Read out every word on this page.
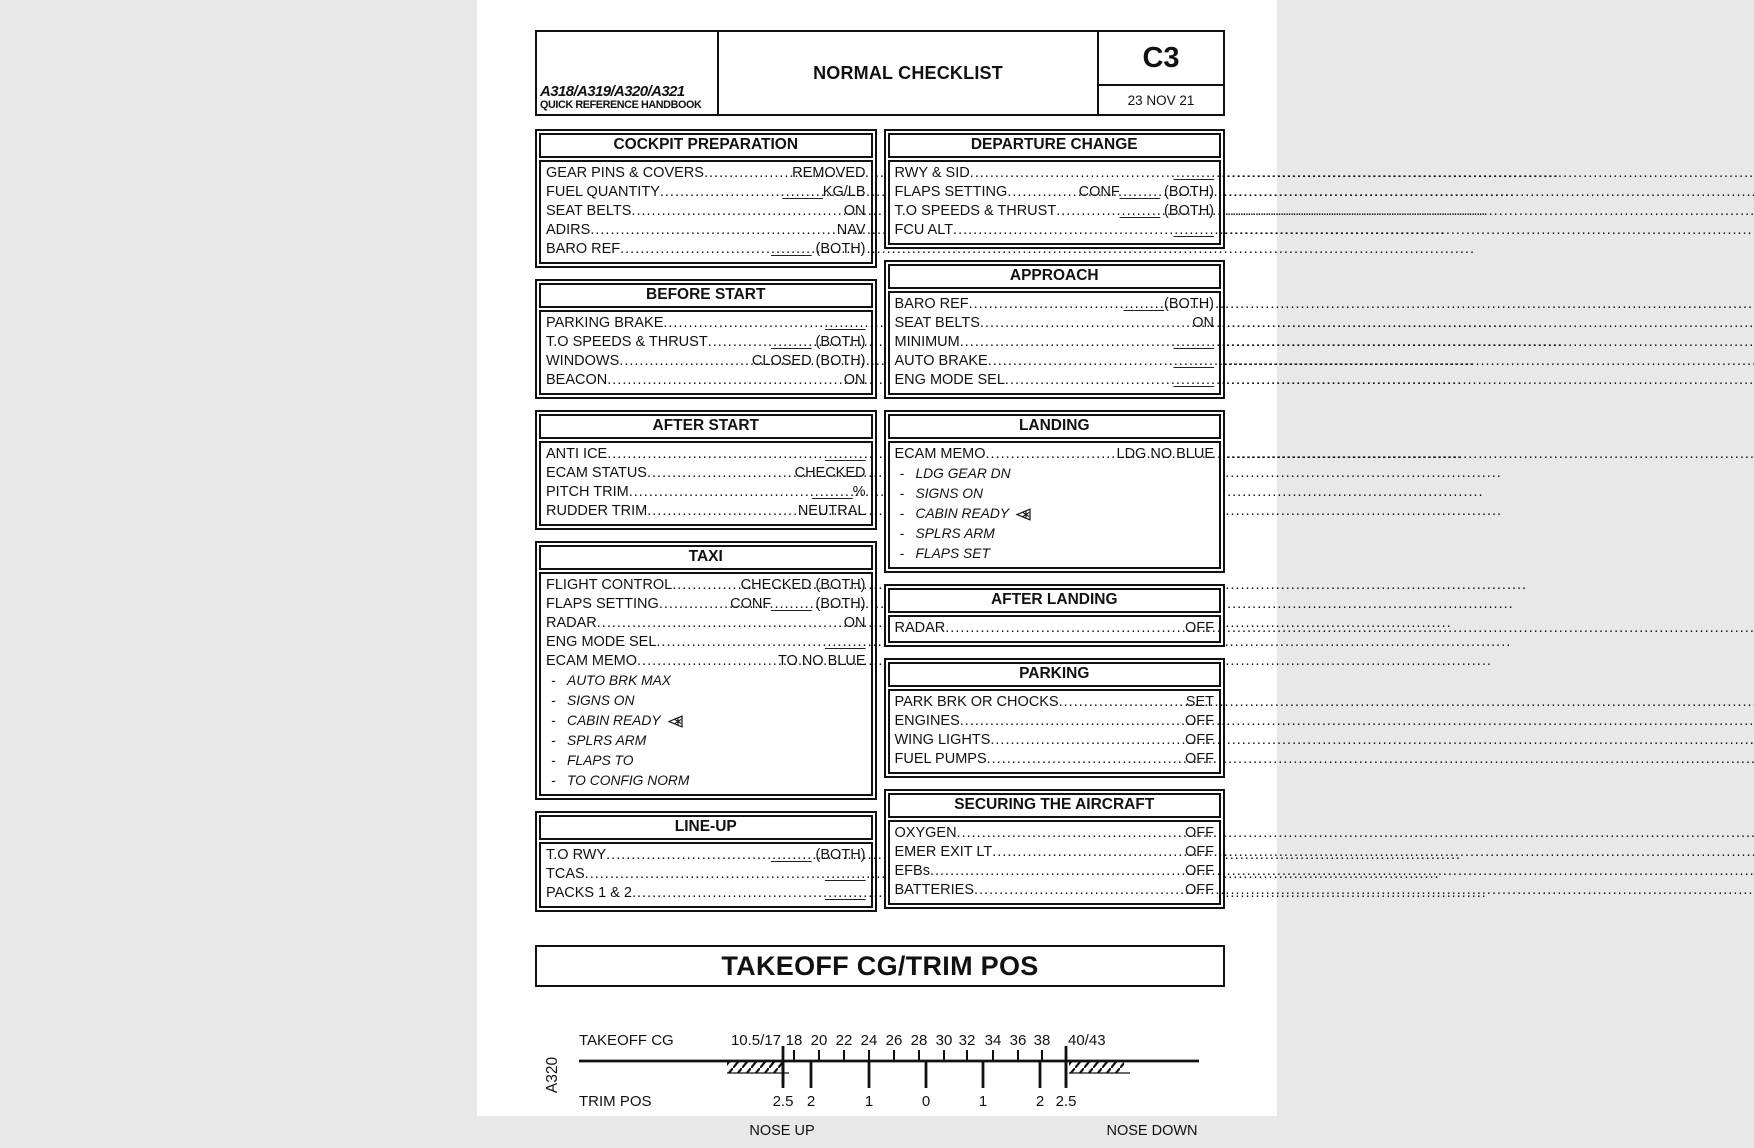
A318/A319/A320/A321
QUICK REFERENCE HANDBOOK
NORMAL CHECKLIST	C3
23 NOV 21
COCKPIT PREPARATION
GEAR PINS & COVERS .....	REMOVED
FUEL QUANTITY .....	_____KG/LB
SEAT BELTS .....	ON
ADIRS .....	NAV
BARO REF .....	_____ (BOTH)
BEFORE START
PARKING BRAKE .....	_____
T.O SPEEDS & THRUST .....	_____ (BOTH)
WINDOWS .....	CLOSED (BOTH)
BEACON .....	ON
AFTER START
ANTI ICE .....	_____
ECAM STATUS .....	CHECKED
PITCH TRIM .....	_____%
RUDDER TRIM .....	NEUTRAL
TAXI
FLIGHT CONTROL .....	CHECKED (BOTH)
FLAPS SETTING .....	CONF_____ (BOTH)
RADAR .....	ON
ENG MODE SEL .....	_____
ECAM MEMO .....	TO NO BLUE
- AUTO BRK MAX
- SIGNS ON
- CABIN READY
- SPLRS ARM
- FLAPS TO
- TO CONFIG NORM
LINE-UP
T.O RWY .....	_____ (BOTH)
TCAS .....	_____
PACKS 1 & 2 .....	_____
DEPARTURE CHANGE
RWY & SID .....	_____
FLAPS SETTING .....	CONF_____ (BOTH)
T.O SPEEDS & THRUST .....	_____ (BOTH)
FCU ALT .....	_____
APPROACH
BARO REF .....	_____(BOTH)
SEAT BELTS .....	ON
MINIMUM .....	_____
AUTO BRAKE .....	_____
ENG MODE SEL .....	_____
LANDING
ECAM MEMO .....	LDG NO BLUE
- LDG GEAR DN
- SIGNS ON
- CABIN READY
- SPLRS ARM
- FLAPS SET
AFTER LANDING
RADAR .....	OFF
PARKING
PARK BRK OR CHOCKS .....	SET
ENGINES .....	OFF
WING LIGHTS .....	OFF
FUEL PUMPS .....	OFF
SECURING THE AIRCRAFT
OXYGEN .....	OFF
EMER EXIT LT .....	OFF
EFBs .....	OFF
BATTERIES .....	OFF
TAKEOFF CG/TRIM POS
10.5/17 18 20 22 24 26 28 30 32 34 36 38 40/43
2.5 2	1	0	1	2 2.5
TAKEOFF CG
TRIM POS
A320
NOSE UP	NOSE DOWN
